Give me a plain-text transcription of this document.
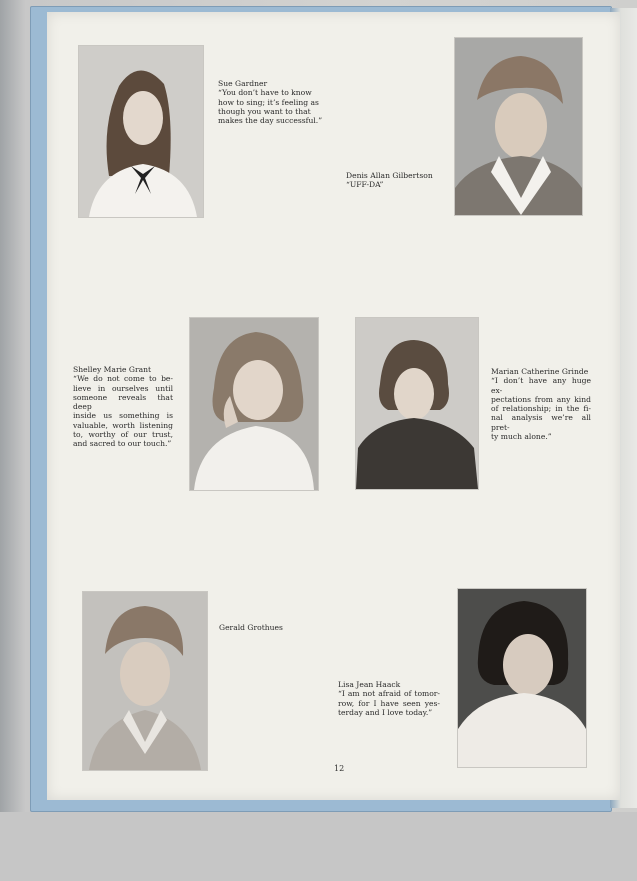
Sue Gardner
“You don’t have to know
how to sing; it’s feeling as
though you want to that
makes the day successful.”
Denis Allan Gilbertson
“UFF-DA”
Shelley Marie Grant
“We do not come to be-
lieve in ourselves until
someone reveals that deep
inside us something is
valuable, worth listening
to, worthy of our trust,
and sacred to our touch.”
Marian Catherine Grinde
“I don’t have any huge ex-
pectations from any kind
of relationship; in the fi-
nal analysis we’re all pret-
ty much alone.”
Gerald Grothues
Lisa Jean Haack
“I am not afraid of tomor-
row, for I have seen yes-
terday and I love today.”
12
